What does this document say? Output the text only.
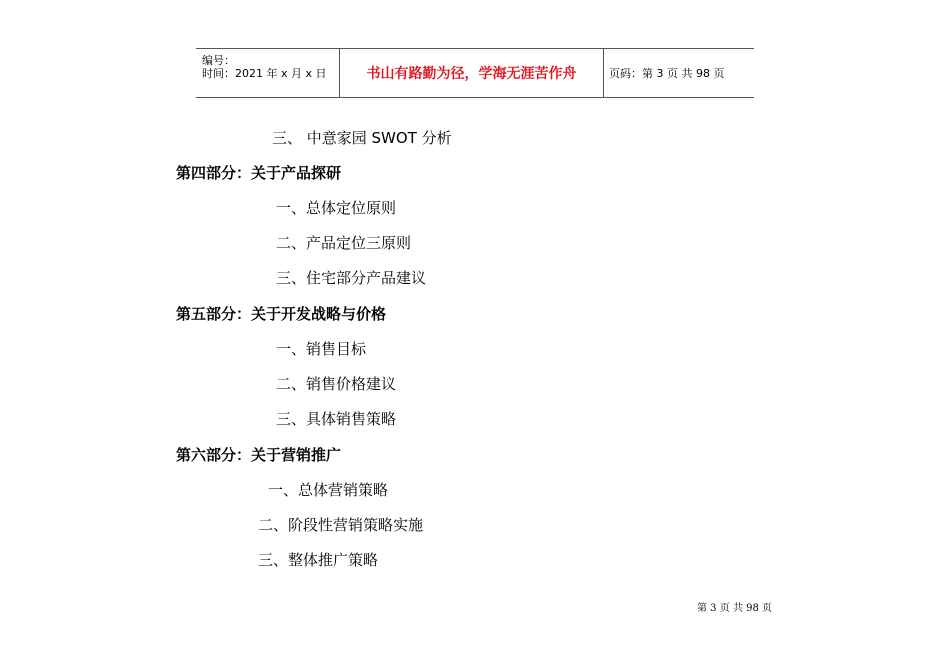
编号：
时间：2021 年 x 月 x 日	书山有路勤为径，学海无涯苦作舟	页码：第 3 页 共 98 页
三、 中意家园 SWOT 分析
第四部分：关于产品探研
一、总体定位原则
二、产品定位三原则
三、住宅部分产品建议
第五部分：关于开发战略与价格
一、销售目标
二、销售价格建议
三、具体销售策略
第六部分：关于营销推广
一、总体营销策略
二、阶段性营销策略实施
三、整体推广策略
第 3 页 共 98 页
